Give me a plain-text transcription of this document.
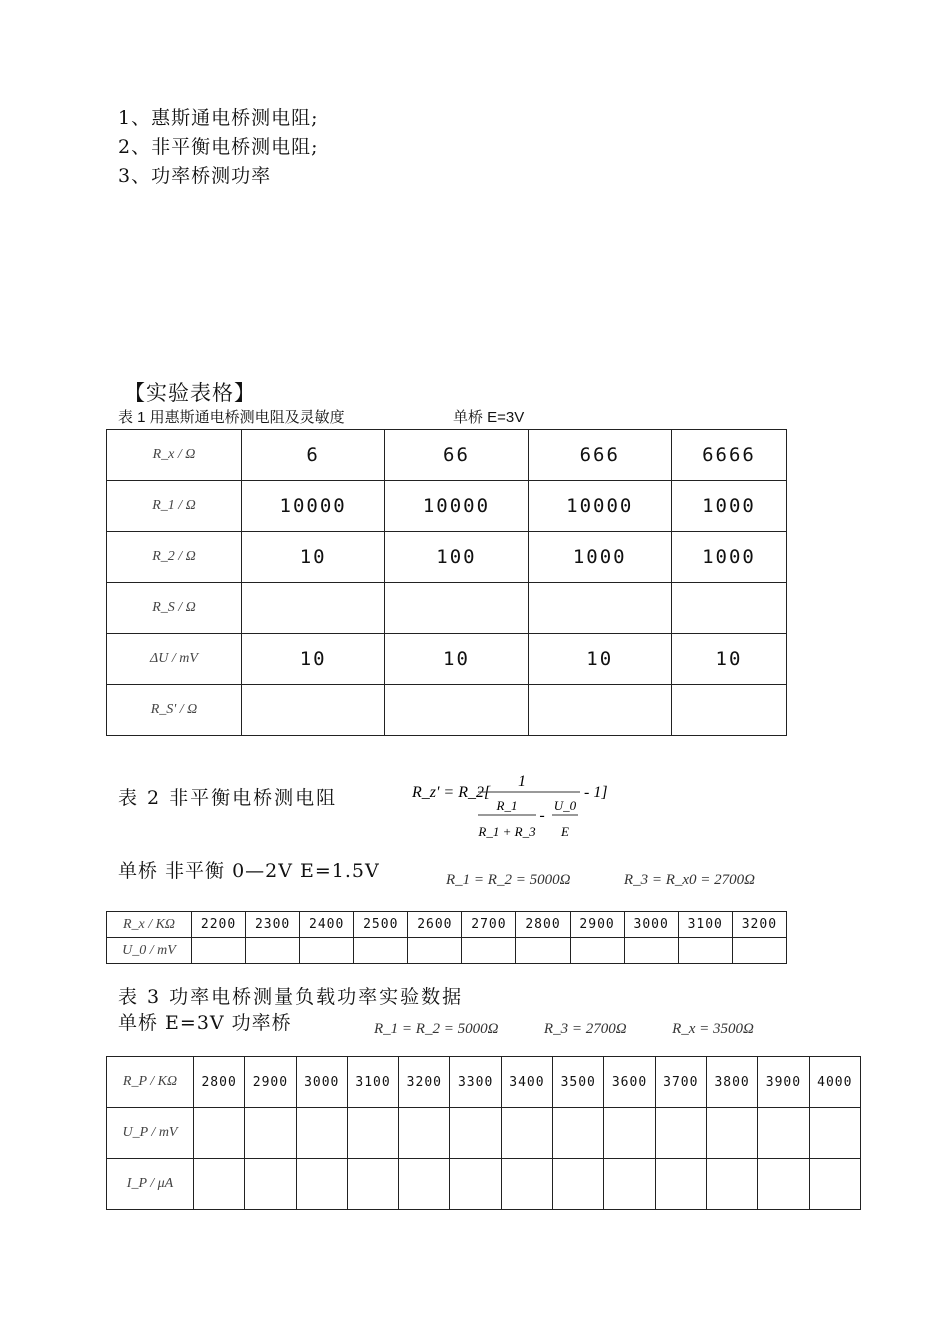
1、惠斯通电桥测电阻;
2、非平衡电桥测电阻;
3、功率桥测功率
【实验表格】
表 1 用惠斯通电桥测电阻及灵敏度	单桥 E=3V
R_x / Ω	6	66	666	6666
R_1 / Ω	10000	10000	10000	1000
R_2 / Ω	10	100	1000	1000
R_S / Ω				
ΔU / mV	10	10	10	10
R_S' / Ω				
表 2 非平衡电桥测电阻	R_z' = R_2[
1
R_1
R_1 + R_3
-
U_0
E
- 1]
单桥 非平衡 0—2V E=1.5V	R_1 = R_2 = 5000Ω	R_3 = R_x0 = 2700Ω
R_x / KΩ	2200	2300	2400	2500	2600	2700	2800	2900	3000	3100	3200
U_0 / mV											
表 3 功率电桥测量负载功率实验数据
单桥 E=3V 功率桥	R_1 = R_2 = 5000Ω	R_3 = 2700Ω	R_x = 3500Ω
R_P / KΩ	2800	2900	3000	3100	3200	3300	3400	3500	3600	3700	3800	3900	4000
U_P / mV													
I_P / μA													
